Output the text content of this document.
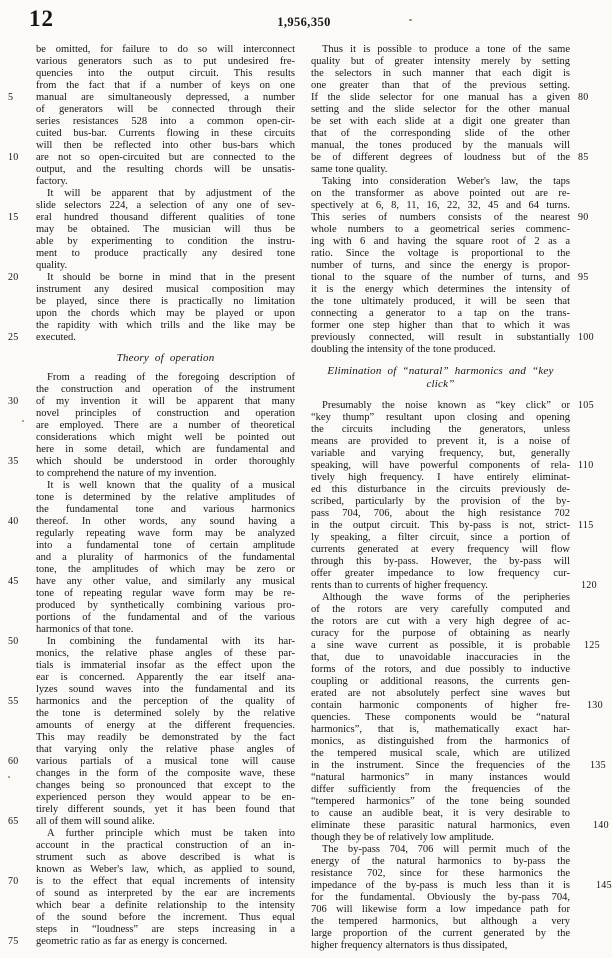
12	1,956,350
be omitted, for failure to do so will interconnect
various generators such as to put undesired fre-
quencies into the output circuit. This results
from the fact that if a number of keys on one
manual are simultaneously depressed, a number
5
of generators will be connected through their
series resistances 528 into a common open-cir-
cuited bus-bar. Currents flowing in these circuits
will then be reflected into other bus-bars which
are not so open-circuited but are connected to the
10
output, and the resulting chords will be unsatis-
factory.
It will be apparent that by adjustment of the
slide selectors 224, a selection of any one of sev-
eral hundred thousand different qualities of tone
15
may be obtained. The musician will thus be
able by experimenting to condition the instru-
ment to produce practically any desired tone
quality.
It should be borne in mind that in the present
20
instrument any desired musical composition may
be played, since there is practically no limitation
upon the chords which may be played or upon
the rapidity with which trills and the like may be
executed.
25
Theory of operation
From a reading of the foregoing description of
the construction and operation of the instrument
of my invention it will be apparent that many
30
novel principles of construction and operation
are employed. There are a number of theoretical
considerations which might well be pointed out
here in some detail, which are fundamental and
which should be understood in order thoroughly
35
to comprehend the nature of my invention.
It is well known that the quality of a musical
tone is determined by the relative amplitudes of
the fundamental tone and various harmonics
thereof. In other words, any sound having a
40
regularly repeating wave form may be analyzed
into a fundamental tone of certain amplitude
and a plurality of harmonics of the fundamental
tone, the amplitudes of which may be zero or
have any other value, and similarly any musical
45
tone of repeating regular wave form may be re-
produced by synthetically combining various pro-
portions of the fundamental and of the various
harmonics of that tone.
In combining the fundamental with its har-
50
monics, the relative phase angles of these par-
tials is immaterial insofar as the effect upon the
ear is concerned. Apparently the ear itself ana-
lyzes sound waves into the fundamental and its
harmonics and the perception of the quality of
55
the tone is determined solely by the relative
amounts of energy at the different frequencies.
This may readily be demonstrated by the fact
that varying only the relative phase angles of
various partials of a musical tone will cause
60
changes in the form of the composite wave, these
changes being so pronounced that except to the
experienced person they would appear to be en-
tirely different sounds, yet it has been found that
all of them will sound alike.
65
A further principle which must be taken into
account in the practical construction of an in-
strument such as above described is what is
known as Weber's law, which, as applied to sound,
is to the effect that equal increments of intensity
70
of sound as interpreted by the ear are increments
which bear a definite relationship to the intensity
of the sound before the increment. Thus equal
steps in “loudness” are steps increasing in a
geometric ratio as far as energy is concerned.
75
Thus it is possible to produce a tone of the same
quality but of greater intensity merely by setting
the selectors in such manner that each digit is
one greater than that of the previous setting.
If the slide selector for one manual has a given 80
setting and the slide selector for the other manual
be set with each slide at a digit one greater than
that of the corresponding slide of the other
manual, the tones produced by the manuals will
be of different degrees of loudness but of the 85
same tone quality.
Taking into consideration Weber's law, the taps
on the transformer as above pointed out are re-
spectively at 6, 8, 11, 16, 22, 32, 45 and 64 turns.
This series of numbers consists of the nearest 90
whole numbers to a geometrical series commenc-
ing with 6 and having the square root of 2 as a
ratio. Since the voltage is proportional to the
number of turns, and since the energy is propor-
tional to the square of the number of turns, and 95
it is the energy which determines the intensity of
the tone ultimately produced, it will be seen that
connecting a generator to a tap on the trans-
former one step higher than that to which it was
previously connected, will result in substantially 100
doubling the intensity of the tone produced.
Elimination of “natural” harmonics and “key
click”
Presumably the noise known as “key click” or 105
“key thump” resultant upon closing and opening
the circuits including the generators, unless
means are provided to prevent it, is a noise of
variable and varying frequency, but, generally
speaking, will have powerful components of rela- 110
tively high frequency. I have entirely eliminat-
ed this disturbance in the circuits previously de-
scribed, particularly by the provision of the by-
pass 704, 706, about the high resistance 702
in the output circuit. This by-pass is not, strict- 115
ly speaking, a filter circuit, since a portion of
currents generated at every frequency will flow
through this by-pass. However, the by-pass will
offer greater impedance to low frequency cur-
rents than to currents of higher frequency.	120
Although the wave forms of the peripheries
of the rotors are very carefully computed and
the rotors are cut with a very high degree of ac-
curacy for the purpose of obtaining as nearly
a sine wave current as possible, it is probable 125
that, due to unavoidable inaccuracies in the
forms of the rotors, and due possibly to inductive
coupling or additional reasons, the currents gen-
erated are not absolutely perfect sine waves but
contain harmonic components of higher fre- 130
quencies. These components would be “natural
harmonics”, that is, mathematically exact har-
monics, as distinguished from the harmonics of
the tempered musical scale, which are utilized
in the instrument. Since the frequencies of the 135
“natural harmonics” in many instances would
differ sufficiently from the frequencies of the
“tempered harmonics” of the tone being sounded
to cause an audible beat, it is very desirable to
eliminate these parasitic natural harmonics, even 140
though they be of relatively low amplitude.
The by-pass 704, 706 will permit much of the
energy of the natural harmonics to by-pass the
resistance 702, since for these harmonics the
impedance of the by-pass is much less than it is	145
for the fundamental. Obviously the by-pass 704,
706 will likewise form a low impedance path for
the tempered harmonics, but although a very
large proportion of the current generated by the
higher frequency alternators is thus dissipated,
